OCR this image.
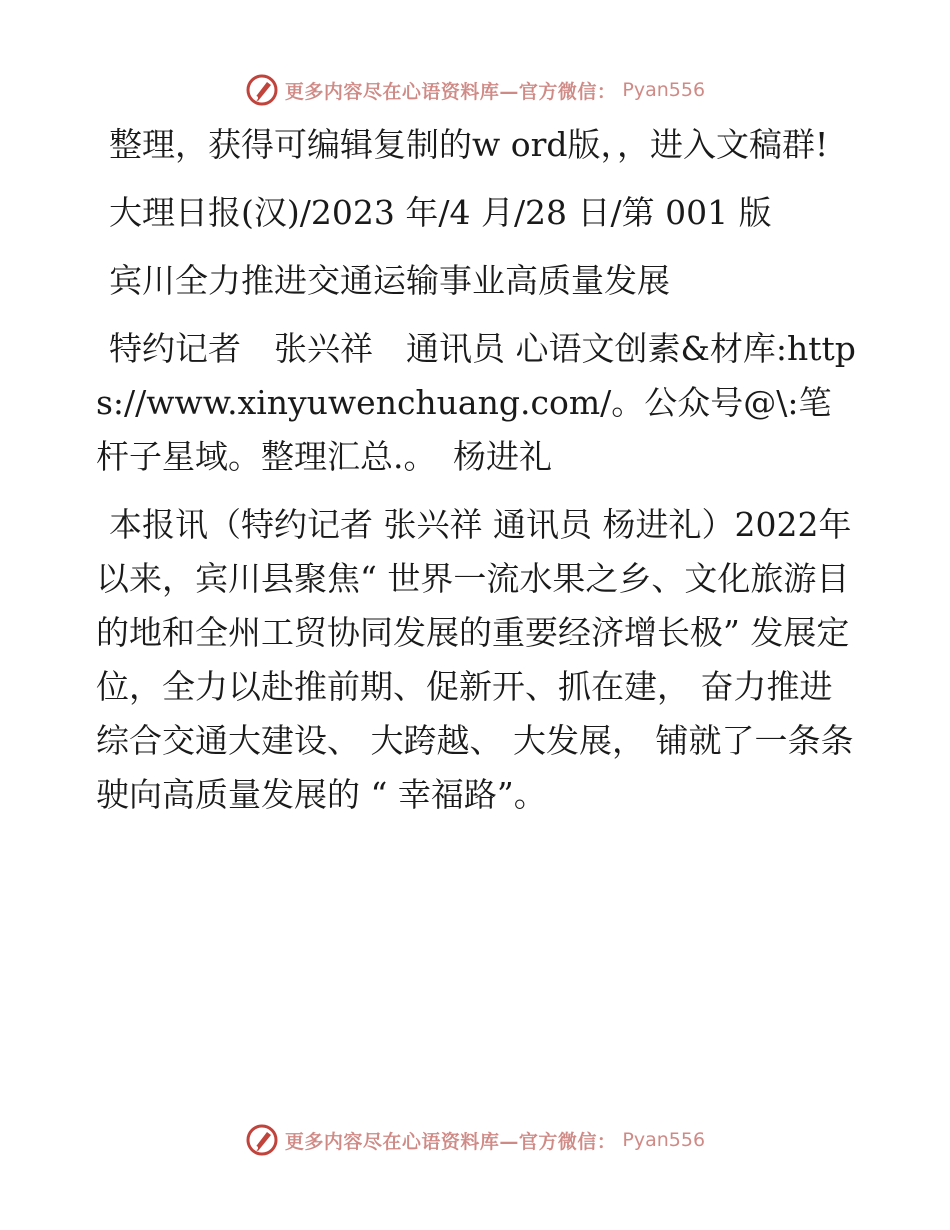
更多内容尽在心语资料库—官方微信： Pyan556

整理，获得可编辑复制的w ord版，，进入文稿群!

大理日报(汉)/2023 年/4 月/28 日/第 001 版

宾川全力推进交通运输事业高质量发展

特约记者　张兴祥　通讯员 心语文创素&材库:https://www.xinyuwenchuang.com/。公众号@\:笔杆子星域。整理汇总.。　杨进礼

本报讯（特约记者 张兴祥 通讯员 杨进礼）2022年以来，宾川县聚焦“ 世界一流水果之乡、文化旅游目的地和全州工贸协同发展的重要经济增长极” 发展定位，全力以赴推前期、促新开、抓在建， 奋力推进综合交通大建设、 大跨越、 大发展， 铺就了一条条驶向高质量发展的 “ 幸福路”。

更多内容尽在心语资料库—官方微信： Pyan556
